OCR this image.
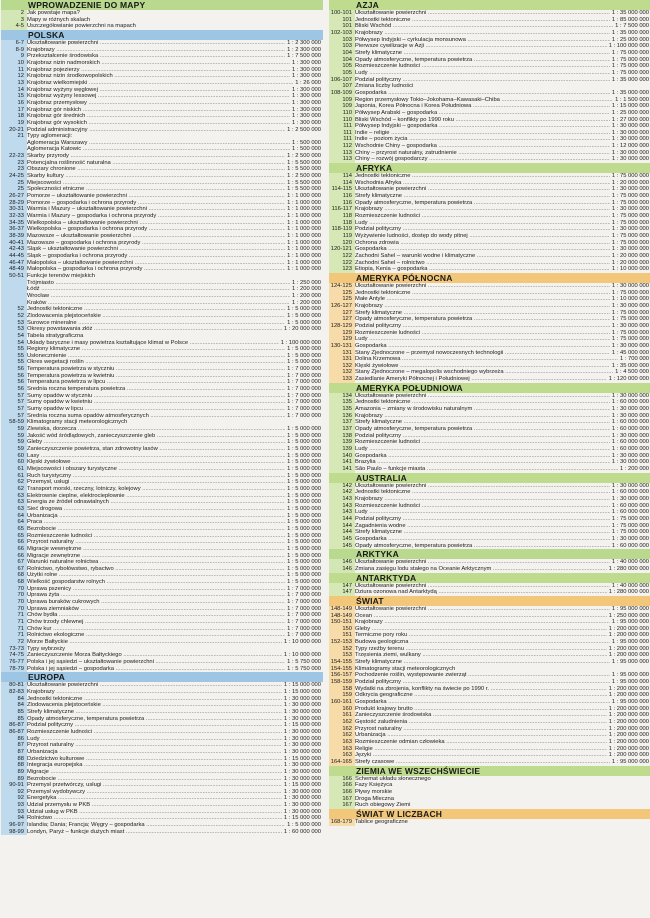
WPROWADZENIE DO MAPY
2 Jak powstaje mapa?
3 Mapy w różnych skalach
4-5 Uszczegółowianie powierzchni na mapach
POLSKA
6-7 Ukształtowanie powierzchni .....	1 : 2 300 000
8-9 Krajobrazy .....	1 : 2 300 000
9 Przekształcenie środowiska .....	1 : 7 500 000
10 Krajobraz nizin nadmorskich .....	1 : 300 000
11 Krajobraz pojezierzy .....	1 : 300 000
12 Krajobraz nizin środkowopolskich .....	1 : 300 000
13 Krajobraz wielkomiejski .....	1 : 26 000
14 Krajobraz wyżyny węglowej .....	1 : 300 000
15 Krajobraz wyżyny lessowej .....	1 : 300 000
16 Krajobraz przemysłowy .....	1 : 300 000
17 Krajobraz gór niskich .....	1 : 300 000
18 Krajobraz gór średnich .....	1 : 300 000
19 Krajobraz gór wysokich .....	1 : 300 000
20-21 Podział administracyjny .....	1 : 2 500 000
21 Typy aglomeracji:
Aglomeracja Warszawy .....	1 : 500 000
Aglomeracja Katowic .....	1 : 500 000
22-23 Skarby przyrody .....	1 : 2 500 000
23 Potencjalna roślinność naturalna .....	1 : 5 500 000
23 Obszary chronione .....	1 : 5 500 000
24-25 Skarby kultury .....	1 : 2 500 000
25 Miejscowości .....	1 : 5 500 000
25 Społeczności etniczne .....	1 : 5 500 000
26-27 Pomorze – ukształtowanie powierzchni .....	1 : 1 000 000
28-29 Pomorze – gospodarka i ochrona przyrody .....	1 : 1 000 000
30-31 Warmia i Mazury – ukształtowanie powierzchni .....	1 : 1 000 000
32-33 Warmia i Mazury – gospodarka i ochrona przyrody .....	1 : 1 000 000
34-35 Wielkopolska – ukształtowanie powierzchni .....	1 : 1 000 000
36-37 Wielkopolska – gospodarka i ochrona przyrody .....	1 : 1 000 000
38-39 Mazowsze – ukształtowanie powierzchni .....	1 : 1 000 000
40-41 Mazowsze – gospodarka i ochrona przyrody .....	1 : 1 000 000
42-43 Śląsk – ukształtowanie powierzchni .....	1 : 1 000 000
44-45 Śląsk – gospodarka i ochrona przyrody .....	1 : 1 000 000
46-47 Małopolska – ukształtowanie powierzchni .....	1 : 1 000 000
48-49 Małopolska – gospodarka i ochrona przyrody .....	1 : 1 000 000
50-51 Funkcje terenów miejskich
Trójmiasto .....	1 : 250 000
Łódź .....	1 : 200 000
Wrocław .....	1 : 200 000
Kraków .....	1 : 200 000
52 Jednostki tektoniczne .....	1 : 5 000 000
52 Zlodowacenia plejstoceńskie .....	1 : 5 000 000
53 Surowce mineralne .....	1 : 5 000 000
53 Okresy powstawania złóż .....	1 : 20 000 000
54 Tabela stratygraficzna
54 Układy baryczne i masy powietrza kształtujące klimat w Polsce .....	1 : 100 000 000
55 Regiony klimatyczne .....	1 : 5 000 000
55 Usłonecznienie .....	1 : 5 000 000
55 Okres wegetacji roślin .....	1 : 5 000 000
56 Temperatura powietrza w styczniu .....	1 : 7 000 000
56 Temperatura powietrza w kwietniu .....	1 : 7 000 000
56 Temperatura powietrza w lipcu .....	1 : 7 000 000
56 Średnia roczna temperatura powietrza .....	1 : 7 000 000
57 Sumy opadów w styczniu .....	1 : 7 000 000
57 Sumy opadów w kwietniu .....	1 : 7 000 000
57 Sumy opadów w lipcu .....	1 : 7 000 000
57 Średnia roczna suma opadów atmosferycznych .....	1 : 7 000 000
58-59 Klimatogramy stacji meteorologicznych
59 Zlewiska, dorzecza .....	1 : 5 000 000
59 Jakość wód śródlądowych, zanieczyszczenie gleb .....	1 : 5 000 000
59 Gleby .....	1 : 5 000 000
59 Zanieczyszczenie powietrza, stan zdrowotny lasów .....	1 : 5 000 000
60 Lasy .....	1 : 5 000 000
60 Klęski żywiołowe .....	1 : 5 000 000
61 Miejscowości i obszary turystyczne .....	1 : 5 000 000
61 Ruch turystyczny .....	1 : 5 000 000
62 Przemysł, usługi .....	1 : 5 000 000
62 Transport morski, rzeczny, lotniczy, kolejowy .....	1 : 5 000 000
63 Elektrownie cieplne, elektrociepłownie .....	1 : 5 000 000
63 Energia ze źródeł odnawialnych .....	1 : 5 000 000
63 Sieć drogowa .....	1 : 5 000 000
64 Urbanizacja .....	1 : 5 000 000
64 Praca .....	1 : 5 000 000
65 Bezrobocie .....	1 : 5 000 000
65 Rozmieszczenie ludności .....	1 : 5 000 000
66 Przyrost naturalny .....	1 : 5 000 000
66 Migracje wewnętrzne .....	1 : 5 000 000
66 Migracje zewnętrzne .....	1 : 5 000 000
67 Warunki naturalne rolnictwa .....	1 : 5 000 000
67 Rolnictwo, rybołówstwo, rybactwo .....	1 : 5 000 000
68 Użytki rolne .....	1 : 5 000 000
68 Wielkość gospodarstw rolnych .....	1 : 5 000 000
70 Uprawa pszenicy .....	1 : 7 000 000
70 Uprawa żyta .....	1 : 7 000 000
70 Uprawa buraków cukrowych .....	1 : 7 000 000
70 Uprawa ziemniaków .....	1 : 7 000 000
71 Chów bydła .....	1 : 7 000 000
71 Chów trzody chlewnej .....	1 : 7 000 000
71 Chów kur .....	1 : 7 000 000
71 Rolnictwo ekologiczne .....	1 : 7 000 000
72 Morze Bałtyckie .....	1 : 10 000 000
73-73 Typy wybrzeży
74-75 Zanieczyszczenie Morza Bałtyckiego .....	1 : 10 000 000
76-77 Polska i jej sąsiedzi – ukształtowanie powierzchni .....	1 : 5 750 000
78-79 Polska i jej sąsiedzi – gospodarka .....	1 : 5 750 000
EUROPA
80-81 Ukształtowanie powierzchni .....	1 : 15 000 000
82-83 Krajobrazy .....	1 : 15 000 000
84 Jednostki tektoniczne .....	1 : 30 000 000
84 Zlodowacenia plejstoceńskie .....	1 : 30 000 000
85 Strefy klimatyczne .....	1 : 30 000 000
85 Opady atmosferyczne, temperatura powietrza .....	1 : 30 000 000
86-87 Podział polityczny .....	1 : 15 000 000
86-87 Rozmieszczenie ludności .....	1 : 30 000 000
86 Ludy .....	1 : 30 000 000
87 Przyrost naturalny .....	1 : 30 000 000
87 Urbanizacja .....	1 : 30 000 000
88 Dziedzictwo kulturowe .....	1 : 15 000 000
88 Integracja europejska .....	1 : 30 000 000
89 Migracje .....	1 : 30 000 000
89 Bezrobocie .....	1 : 30 000 000
90-91 Przemysł przetwórczy, usługi .....	1 : 15 000 000
92 Przemysł wydobywczy .....	1 : 30 000 000
92 Energetyka .....	1 : 30 000 000
93 Udział przemysłu w PKB .....	1 : 30 000 000
93 Udział usług w PKB .....	1 : 30 000 000
94 Rolnictwo .....	1 : 15 000 000
96-97 Islandia; Dania; Francja; Węgry – gospodarka .....	1 : 5 000 000
98-99 Londyn, Paryż – funkcje dużych miast .....	1 : 60 000 000
AZJA
100-101 Ukształtowanie powierzchni .....	1 : 35 000 000
101 Jednostki tektoniczne .....	1 : 85 000 000
101 Bliski Wschód .....	1 : 7 500 000
102-103 Krajobrazy .....	1 : 35 000 000
103 Półwysep Indyjski – cyrkulacja monsunowa .....	1 : 25 000 000
103 Pierwsze cywilizacje w Azji .....	1 : 100 000 000
104 Strefy klimatyczne .....	1 : 75 000 000
104 Opady atmosferyczne, temperatura powietrza .....	1 : 75 000 000
105 Rozmieszczenie ludności .....	1 : 75 000 000
105 Ludy .....	1 : 75 000 000
106-107 Podział polityczny .....	1 : 35 000 000
107 Zmiana liczby ludności
108-109 Gospodarka .....	1 : 35 000 000
109 Region przemysłowy Tokio–Jokohama–Kawasaki–Chiba .....	1 : 1 500 000
109 Japonia, Korea Północna i Korea Południowa .....	1 : 15 000 000
110 Półwysep Arabski – gospodarka .....	1 : 25 000 000
110 Bliski Wschód – konflikty po 1990 roku .....	1 : 27 000 000
111 Półwysep Indyjski – gospodarka .....	1 : 30 000 000
111 Indie – religie .....	1 : 30 000 000
111 Indie – poziom życia .....	1 : 30 000 000
112 Wschodnie Chiny – gospodarka .....	1 : 12 000 000
113 Chiny – przyrost naturalny, zatrudnienie .....	1 : 30 000 000
113 Chiny – rozwój gospodarczy .....	1 : 30 000 000
AFRYKA
114 Jednostki tektoniczne .....	1 : 75 000 000
114 Wschodnia Afryka .....	1 : 20 000 000
114-115 Ukształtowanie powierzchni .....	1 : 30 000 000
116 Strefy klimatyczne .....	1 : 75 000 000
116 Opady atmosferyczne, temperatura powietrza .....	1 : 75 000 000
116-117 Krajobrazy .....	1 : 30 000 000
118 Rozmieszczenie ludności .....	1 : 75 000 000
118 Ludy .....	1 : 75 000 000
118-119 Podział polityczny .....	1 : 30 000 000
119 Wyżywienie ludności, dostęp do wody pitnej .....	1 : 75 000 000
120 Ochrona zdrowia .....	1 : 75 000 000
120-121 Gospodarka .....	1 : 30 000 000
122 Zachodni Sahel – warunki wodne i klimatyczne .....	1 : 20 000 000
122 Zachodni Sahel – rolnictwo .....	1 : 20 000 000
123 Etiopia, Kenia – gospodarka .....	1 : 10 000 000
AMERYKA PÓŁNOCNA
124-125 Ukształtowanie powierzchni .....	1 : 30 000 000
125 Jednostki tektoniczne .....	1 : 75 000 000
125 Małe Antyle .....	1 : 10 000 000
126-127 Krajobrazy .....	1 : 30 000 000
127 Strefy klimatyczne .....	1 : 75 000 000
127 Opady atmosferyczne, temperatura powietrza .....	1 : 75 000 000
128-129 Podział polityczny .....	1 : 30 000 000
129 Rozmieszczenie ludności .....	1 : 75 000 000
129 Ludy .....	1 : 75 000 000
130-131 Gospodarka .....	1 : 30 000 000
131 Stany Zjednoczone – przemysł nowoczesnych technologii .....	1 : 45 000 000
131 Dolina Krzemowa .....	1 : 700 000
132 Klęski żywiołowe .....	1 : 35 000 000
132 Stany Zjednoczone – megalopolis wschodniego wybrzeża .....	1 : 4 500 000
133 Zasiedlanie Ameryki Północnej i Południowej .....	1 : 120 000 000
AMERYKA POŁUDNIOWA
134 Ukształtowanie powierzchni .....	1 : 30 000 000
135 Jednostki tektoniczne .....	1 : 60 000 000
135 Amazonia – zmiany w środowisku naturalnym .....	1 : 30 000 000
136 Krajobrazy .....	1 : 30 000 000
137 Strefy klimatyczne .....	1 : 60 000 000
137 Opady atmosferyczne, temperatura powietrza .....	1 : 60 000 000
138 Podział polityczny .....	1 : 30 000 000
139 Rozmieszczenie ludności .....	1 : 60 000 000
139 Ludy .....	1 : 60 000 000
140 Gospodarka .....	1 : 30 000 000
141 Brazylia .....	1 : 30 000 000
141 São Paulo – funkcje miasta .....	1 : 200 000
AUSTRALIA
142 Ukształtowanie powierzchni .....	1 : 30 000 000
142 Jednostki tektoniczne .....	1 : 60 000 000
143 Krajobrazy .....	1 : 30 000 000
143 Rozmieszczenie ludności .....	1 : 60 000 000
143 Ludy .....	1 : 60 000 000
144 Podział polityczny .....	1 : 75 000 000
144 Zagadnienia wodne .....	1 : 75 000 000
144 Strefy klimatyczne .....	1 : 75 000 000
145 Gospodarka .....	1 : 30 000 000
145 Opady atmosferyczne, temperatura powietrza .....	1 : 60 000 000
ARKTYKA
146 Ukształtowanie powierzchni .....	1 : 40 000 000
146 Zmiana zasięgu lodu stałego na Oceanie Arktycznym .....	1 : 280 000 000
ANTARKTYDA
147 Ukształtowanie powierzchni .....	1 : 40 000 000
147 Dziura ozonowa nad Antarktydą .....	1 : 280 000 000
ŚWIAT
148-149 Ukształtowanie powierzchni .....	1 : 95 000 000
148-149 Ocean .....	1 : 250 000 000
150-151 Krajobrazy .....	1 : 95 000 000
150 Gleby .....	1 : 200 000 000
151 Termiczne pory roku .....	1 : 200 000 000
152-153 Budowa geologiczna .....	1 : 95 000 000
152 Typy rzeźby terenu .....	1 : 200 000 000
153 Trzęsienia ziemi, wulkany .....	1 : 200 000 000
154-155 Strefy klimatyczne .....	1 : 95 000 000
154-155 Klimatogramy stacji meteorologicznych
156-157 Pochodzenie roślin, występowanie zwierząt .....	1 : 95 000 000
158-159 Podział polityczny .....	1 : 95 000 000
158 Wydatki na zbrojenia, konflikty na świecie po 1990 r. .....	1 : 200 000 000
159 Odkrycia geograficzne .....	1 : 200 000 000
160-161 Gospodarka .....	1 : 95 000 000
160 Produkt krajowy brutto .....	1 : 200 000 000
161 Zanieczyszczenie środowiska .....	1 : 200 000 000
162 Gęstość zaludnienia .....	1 : 200 000 000
162 Przyrost naturalny .....	1 : 200 000 000
162 Urbanizacja .....	1 : 200 000 000
163 Rozmieszczenie odmian człowieka .....	1 : 200 000 000
163 Religie .....	1 : 200 000 000
163 Języki .....	1 : 200 000 000
164-165 Strefy czasowe .....	1 : 95 000 000
ZIEMIA WE WSZECHŚWIECIE
166 Schemat układu słonecznego
166 Fazy Księżyca
166 Pływy morskie
167 Droga Mleczna
167 Ruch obiegowy Ziemi
ŚWIAT W LICZBACH
168-179 Tablice geograficzne
